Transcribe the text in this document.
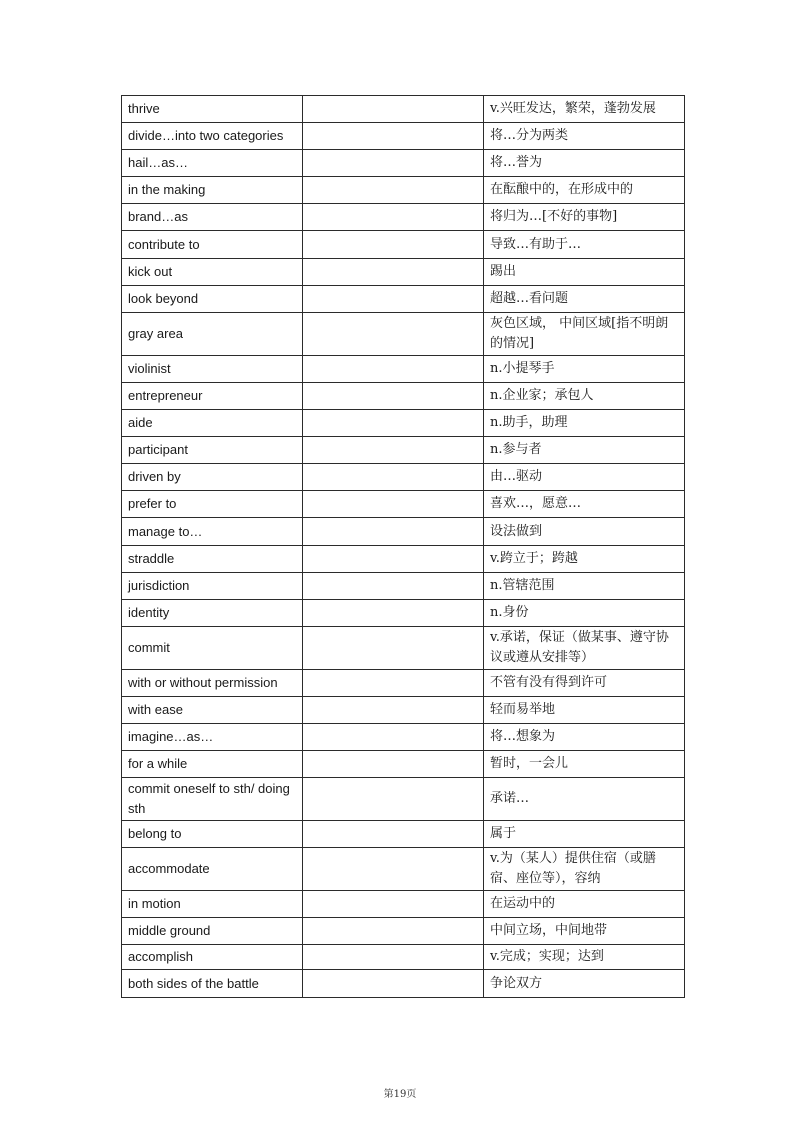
thrive		v.兴旺发达，繁荣，蓬勃发展
divide…into two categories		将…分为两类
hail…as…		将…誉为
in the making		在酝酿中的，在形成中的
brand…as		将归为…[不好的事物]
contribute to		导致…有助于…
kick out		踢出
look beyond		超越…看问题
gray area		灰色区域， 中间区域[指不明朗的情况]
violinist		n.小提琴手
entrepreneur		n.企业家；承包人
aide		n.助手，助理
participant		n.参与者
driven by		由…驱动
prefer to		喜欢…，愿意…
manage to…		设法做到
straddle		v.跨立于；跨越
jurisdiction		n.管辖范围
identity		n.身份
commit		v.承诺，保证（做某事、遵守协议或遵从安排等）
with or without permission		不管有没有得到许可
with ease		轻而易举地
imagine…as…		将…想象为
for a while		暂时，一会儿
commit oneself to sth/ doing sth		承诺…
belong to		属于
accommodate		v.为（某人）提供住宿（或膳宿、座位等），容纳
in motion		在运动中的
middle ground		中间立场，中间地带
accomplish		v.完成；实现；达到
both sides of the battle		争论双方
第19页
